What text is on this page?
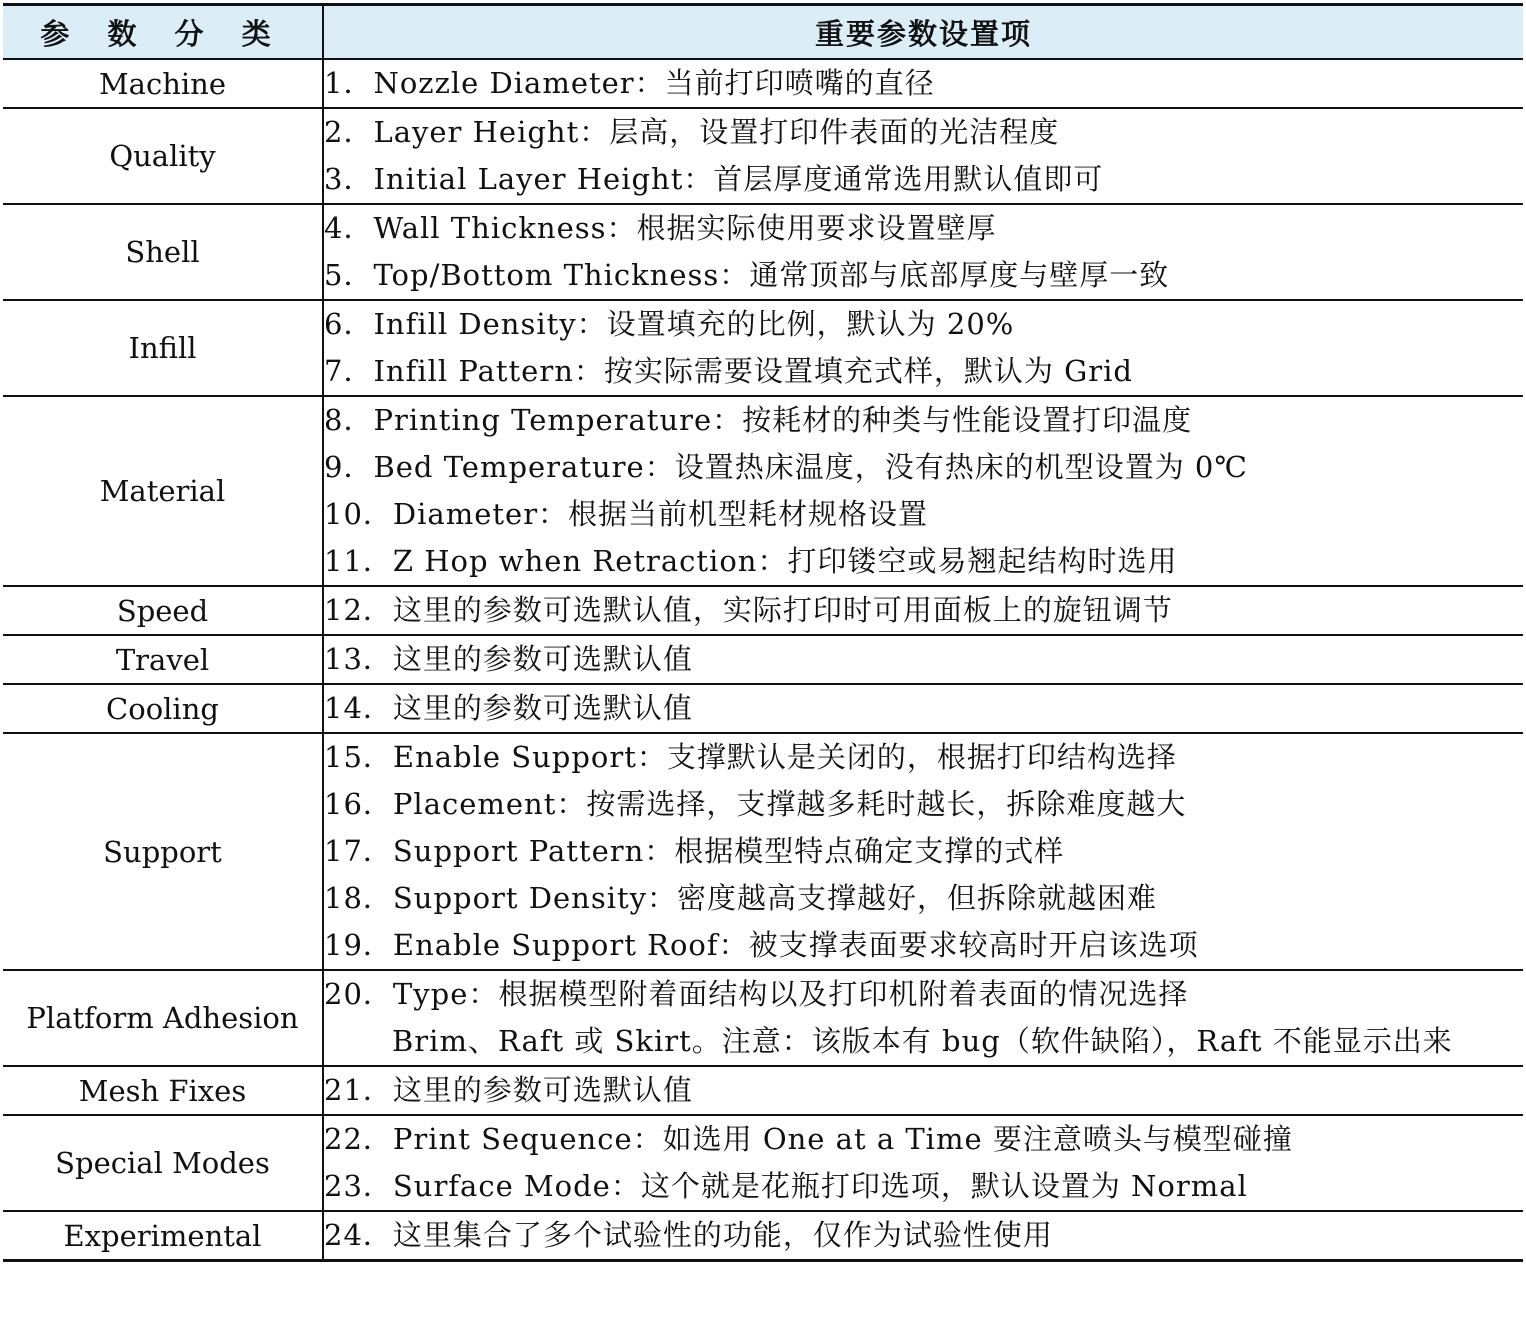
参 数 分 类	重要参数设置项
Machine	1．Nozzle Diameter：当前打印喷嘴的直径

Quality	2．Layer Height：层高，设置打印件表面的光洁程度
3．Initial Layer Height：首层厚度通常选用默认值即可

Shell	4．Wall Thickness：根据实际使用要求设置壁厚
5．Top/Bottom Thickness：通常顶部与底部厚度与壁厚一致

Infill	6．Infill Density：设置填充的比例，默认为 20%
7．Infill Pattern：按实际需要设置填充式样，默认为 Grid

Material	8．Printing Temperature：按耗材的种类与性能设置打印温度
9．Bed Temperature：设置热床温度，没有热床的机型设置为 0℃
10．Diameter：根据当前机型耗材规格设置
11．Z Hop when Retraction：打印镂空或易翘起结构时选用

Speed	12．这里的参数可选默认值，实际打印时可用面板上的旋钮调节

Travel	13．这里的参数可选默认值

Cooling	14．这里的参数可选默认值

Support	15．Enable Support：支撑默认是关闭的，根据打印结构选择
16．Placement：按需选择，支撑越多耗时越长，拆除难度越大
17．Support Pattern：根据模型特点确定支撑的式样
18．Support Density：密度越高支撑越好，但拆除就越困难
19．Enable Support Roof：被支撑表面要求较高时开启该选项

Platform Adhesion	20．Type：根据模型附着面结构以及打印机附着表面的情况选择
Brim、Raft 或 Skirt。注意：该版本有 bug（软件缺陷），Raft 不能显示出来

Mesh Fixes	21．这里的参数可选默认值

Special Modes	22．Print Sequence：如选用 One at a Time 要注意喷头与模型碰撞
23．Surface Mode：这个就是花瓶打印选项，默认设置为 Normal

Experimental	24．这里集合了多个试验性的功能，仅作为试验性使用
